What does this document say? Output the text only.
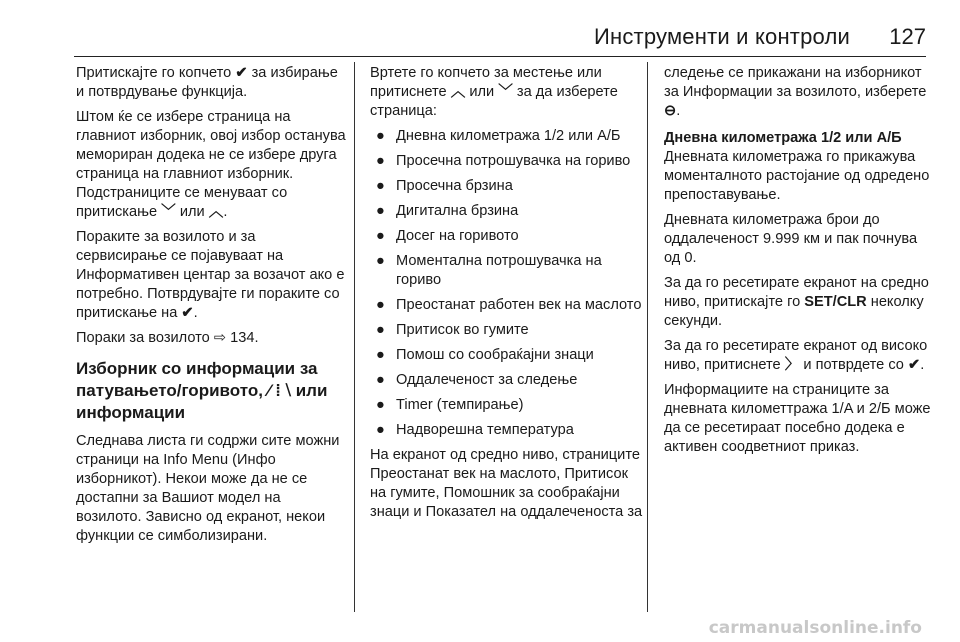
Инструменти и контроли 127

Притискајте го копчето ✔ за избирање и потврдување функција.

Штом ќе се избере страница на главниот изборник, овој избор останува мемориран додека не се избере друга страница на главниот изборник. Подстраниците се менуваат со притискање ﹀ или ︿.

Пораките за возилото и за сервисирање се појавуваат на Информативен центар за возачот ако е потребно. Потврдувајте ги пораките со притискање на ✔.

Пораки за возилото ⇨ 134.

Изборник со информации за патувањето/горивото, ⁄ ⁞ ⧵ или информации

Следнава листа ги содржи сите можни страници на Info Menu (Инфо изборникот). Некои може да не се достапни за Вашиот модел на возилото. Зависно од екранот, некои функции се симболизирани.

Вртете го копчето за местење или притиснете ︿ или ﹀ за да изберете страница:

● Дневна километража 1/2 или A/Б
● Просечна потрошувачка на гориво
● Просечна брзина
● Дигитална брзина
● Досег на горивото
● Моментална потрошувачка на гориво
● Преостанат работен век на маслото
● Притисок во гумите
● Помош со сообраќајни знаци
● Оддалеченост за следење
● Timer (темпирање)
● Надворешна температура

На екранот од средно ниво, страниците Преостанат век на маслото, Притисок на гумите, Помошник за сообраќајни знаци и Показател на оддалеченоста за

следење се прикажани на изборникот за Информации за возилото, изберете ⊖.

Дневна километража 1/2 или A/Б

Дневната километража го прикажува моменталното растојание од одредено препоставување.

Дневната километража брои до оддалеченост 9.999 км и пак почнува од 0.

За да го ресетирате екранот на средно ниво, притискајте го SET/CLR неколку секунди.

За да го ресетирате екранот од високо ниво, притиснете 〉 и потврдете со ✔.

Информациите на страниците за дневната километтража 1/A и 2/Б може да се ресетираат посебно додека е активен соодветниот приказ.

carmanualsonline.info
